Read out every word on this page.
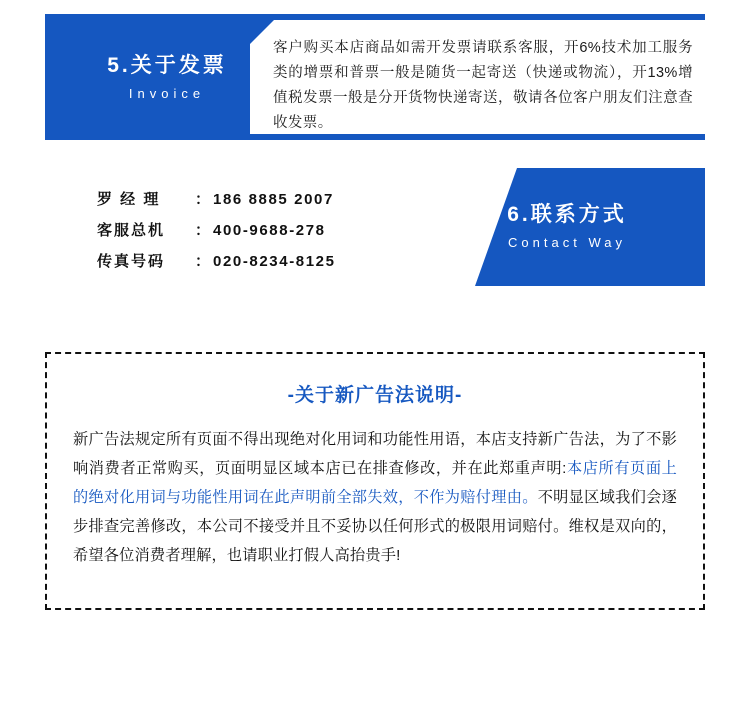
5.关于发票
Invoice
客户购买本店商品如需开发票请联系客服，开6%技术加工服务类的增票和普票一般是随货一起寄送（快递或物流），开13%增值税发票一般是分开货物快递寄送，敬请各位客户朋友们注意查收发票。
罗 经 理	： 186 8885 2007
客服总机	： 400-9688-278
传真号码	： 020-8234-8125
6.联系方式
Contact Way
-关于新广告法说明-
新广告法规定所有页面不得出现绝对化用词和功能性用语，本店支持新广告法，为了不影响消费者正常购买，页面明显区域本店已在排查修改，并在此郑重声明:本店所有页面上的绝对化用词与功能性用词在此声明前全部失效，不作为赔付理由。不明显区域我们会逐步排查完善修改，本公司不接受并且不妥协以任何形式的极限用词赔付。维权是双向的，希望各位消费者理解，也请职业打假人高抬贵手!
